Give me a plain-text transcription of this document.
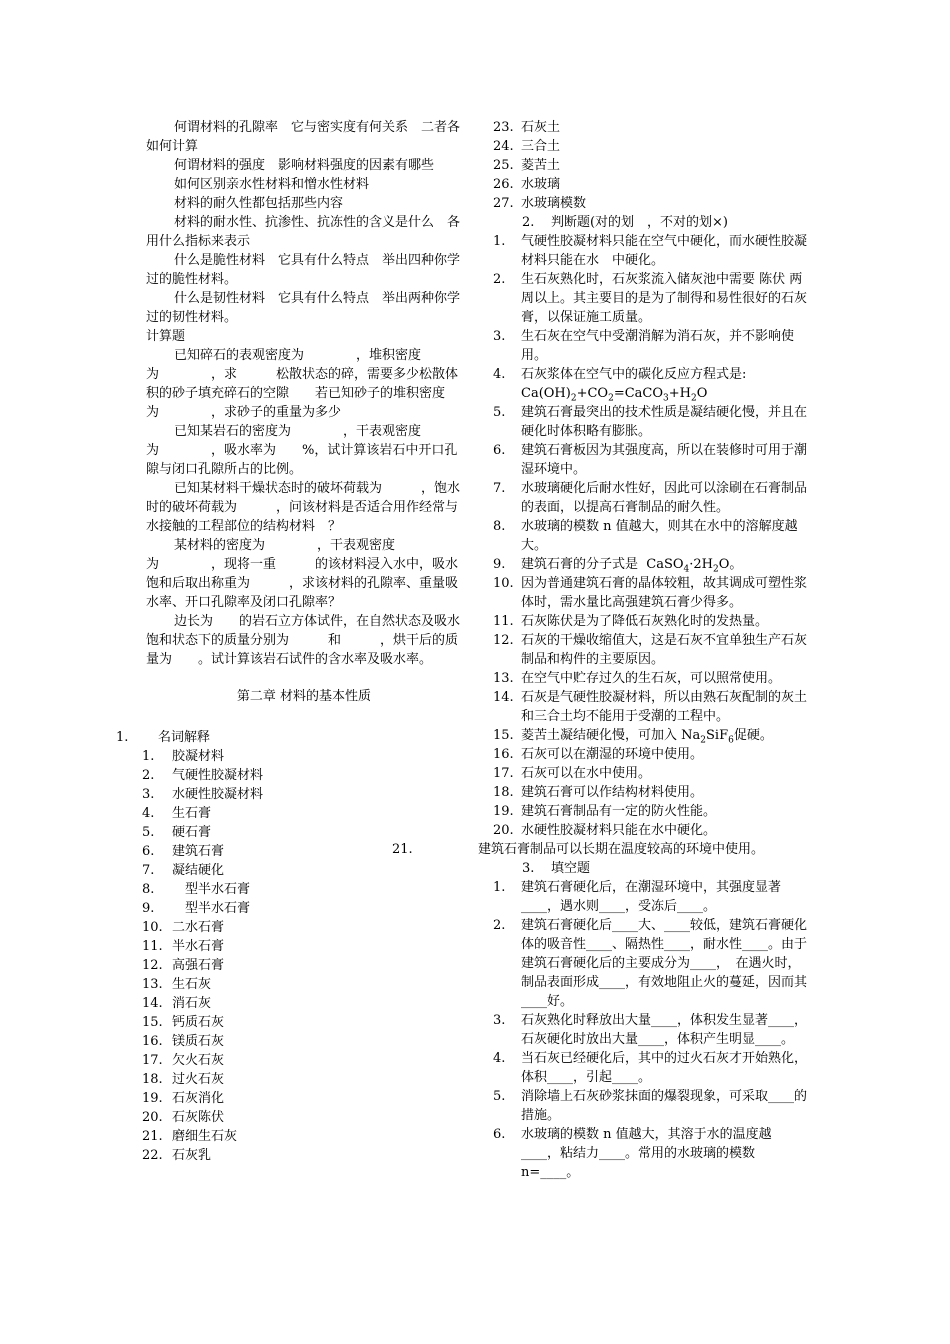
何谓材料的孔隙率　它与密实度有何关系　二者各如何计算

何谓材料的强度　影响材料强度的因素有哪些

如何区别亲水性材料和憎水性材料

材料的耐久性都包括那些内容

材料的耐水性、抗渗性、抗冻性的含义是什么　各用什么指标来表示

什么是脆性材料　它具有什么特点　举出四种你学过的脆性材料。

什么是韧性材料　它具有什么特点　举出两种你学过的韧性材料。

计算题

已知碎石的表观密度为　　　　，堆积密度为　　　　，求　　　松散状态的碎，需要多少松散体积的砂子填充碎石的空隙　　若已知砂子的堆积密度为　　　　，求砂子的重量为多少

已知某岩石的密度为　　　　，干表观密度为　　　　，吸水率为　　%，试计算该岩石中开口孔隙与闭口孔隙所占的比例。

已知某材料干燥状态时的破坏荷载为　　　，饱水时的破坏荷载为　　　，问该材料是否适合用作经常与水接触的工程部位的结构材料　？

某材料的密度为　　　　，干表观密度为　　　　，现将一重　　　的该材料浸入水中，吸水饱和后取出称重为　　　，求该材料的孔隙率、重量吸水率、开口孔隙率及闭口孔隙率？

边长为　　的岩石立方体试件，在自然状态及吸水饱和状态下的质量分别为　　　和　　　，烘干后的质量为　　。试计算该岩石试件的含水率及吸水率。

第二章 材料的基本性质
1.	名词解释
1.	胶凝材料
2.	气硬性胶凝材料
3.	水硬性胶凝材料
4.	生石膏
5.	硬石膏
6.	建筑石膏
7.	凝结硬化
8.	　型半水石膏
9.	　型半水石膏
10. 二水石膏
11. 半水石膏
12. 高强石膏
13. 生石灰
14. 消石灰
15. 钙质石灰
16. 镁质石灰
17. 欠火石灰
18. 过火石灰
19. 石灰消化
20. 石灰陈伏
21. 磨细生石灰
22. 石灰乳
23. 石灰土
24. 三合土
25. 菱苦土
26. 水玻璃
27. 水玻璃模数
2. 判断题(对的划　，不对的划×)
1.	气硬性胶凝材料只能在空气中硬化，而水硬性胶凝材料只能在水　中硬化。
2.	生石灰熟化时，石灰浆流入储灰池中需要 陈伏 两周以上。其主要目的是为了制得和易性很好的石灰膏，以保证施工质量。
3.	生石灰在空气中受潮消解为消石灰，并不影响使用。
4.	石灰浆体在空气中的碳化反应方程式是:
$Ca(OH)_2+CO_2=CaCO_3+H_2O$
5.	建筑石膏最突出的技术性质是凝结硬化慢，并且在硬化时体积略有膨胀。
6.	建筑石膏板因为其强度高，所以在装修时可用于潮湿环境中。
7.	水玻璃硬化后耐水性好，因此可以涂刷在石膏制品的表面，以提高石膏制品的耐久性。
8.	水玻璃的模数 n 值越大，则其在水中的溶解度越大。
9.	建筑石膏的分子式是 $CaSO_4\cdot 2H_2O$。
10. 因为普通建筑石膏的晶体较粗，故其调成可塑性浆体时，需水量比高强建筑石膏少得多。
11. 石灰陈伏是为了降低石灰熟化时的发热量。
12. 石灰的干燥收缩值大，这是石灰不宜单独生产石灰制品和构件的主要原因。
13. 在空气中贮存过久的生石灰，可以照常使用。
14. 石灰是气硬性胶凝材料，所以由熟石灰配制的灰土和三合土均不能用于受潮的工程中。
15. 菱苦土凝结硬化慢，可加入 $Na_2SiF_6$促硬。
16. 石灰可以在潮湿的环境中使用。
17. 石灰可以在水中使用。
18. 建筑石膏可以作结构材料使用。
19. 建筑石膏制品有一定的防火性能。
20. 水硬性胶凝材料只能在水中硬化。
21.	建筑石膏制品可以长期在温度较高的环境中使用。
3. 填空题
1.	建筑石膏硬化后，在潮湿环境中，其强度显著____，遇水则____，受冻后____。
2.	建筑石膏硬化后____大、____较低，建筑石膏硬化体的吸音性____、隔热性____，耐水性____。由于建筑石膏硬化后的主要成分为____，　在遇火时，制品表面形成____，有效地阻止火的蔓延，因而其____好。
3.	石灰熟化时释放出大量____，体积发生显著____，石灰硬化时放出大量____，体积产生明显____。
4.	当石灰已经硬化后，其中的过火石灰才开始熟化，体积____，引起____。
5.	消除墙上石灰砂浆抹面的爆裂现象，可采取____的措施。
6.	水玻璃的模数 n 值越大，其溶于水的温度越____，粘结力____。常用的水玻璃的模数 n=____。
